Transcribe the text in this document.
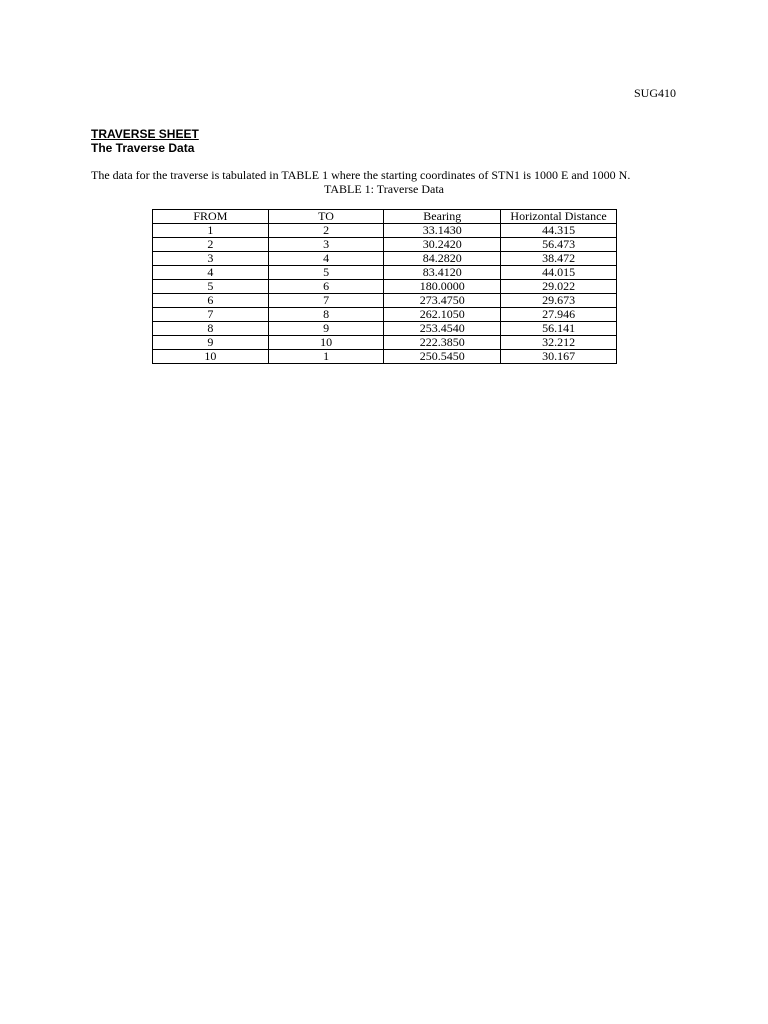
SUG410
TRAVERSE SHEET
The Traverse Data
The data for the traverse is tabulated in TABLE 1 where the starting coordinates of STN1 is 1000 E and 1000 N.
TABLE 1: Traverse Data
FROM	TO	Bearing	Horizontal Distance
1	2	33.1430	44.315
2	3	30.2420	56.473
3	4	84.2820	38.472
4	5	83.4120	44.015
5	6	180.0000	29.022
6	7	273.4750	29.673
7	8	262.1050	27.946
8	9	253.4540	56.141
9	10	222.3850	32.212
10	1	250.5450	30.167
